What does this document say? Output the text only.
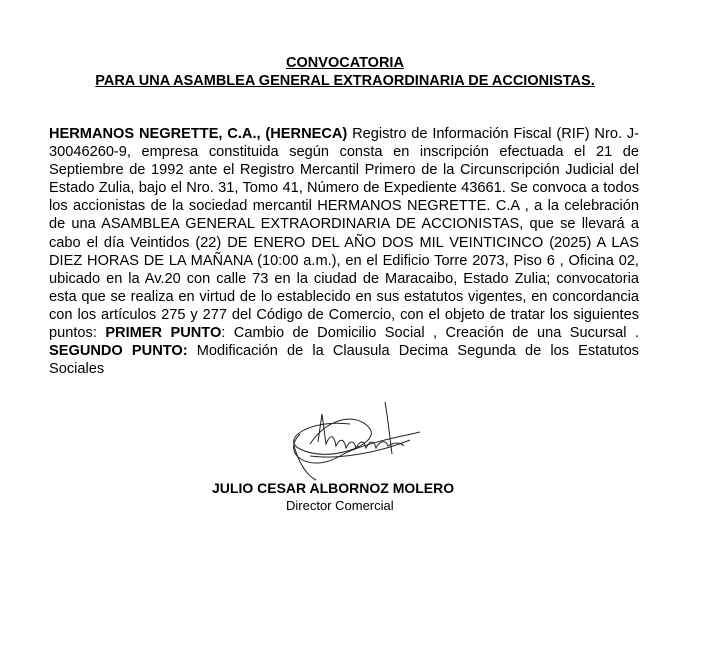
CONVOCATORIA
PARA UNA ASAMBLEA GENERAL EXTRAORDINARIA DE ACCIONISTAS.
HERMANOS NEGRETTE, C.A., (HERNECA) Registro de Información Fiscal (RIF) Nro. J-30046260-9, empresa constituida según consta en inscripción efectuada el 21 de Septiembre de 1992 ante el Registro Mercantil Primero de la Circunscripción Judicial del Estado Zulia, bajo el Nro. 31, Tomo 41, Número de Expediente 43661. Se convoca a todos los accionistas de la sociedad mercantil HERMANOS NEGRETTE. C.A , a la celebración de una ASAMBLEA GENERAL EXTRAORDINARIA DE ACCIONISTAS, que se llevará a cabo el día Veintidos (22) DE ENERO DEL AÑO DOS MIL VEINTICINCO (2025) A LAS DIEZ HORAS DE LA MAÑANA (10:00 a.m.), en el Edificio Torre 2073, Piso 6 , Oficina 02, ubicado en la Av.20 con calle 73 en la ciudad de Maracaibo, Estado Zulia; convocatoria esta que se realiza en virtud de lo establecido en sus estatutos vigentes, en concordancia con los artículos 275 y 277 del Código de Comercio, con el objeto de tratar los siguientes puntos: PRIMER PUNTO: Cambio de Domicilio Social , Creación de una Sucursal . SEGUNDO PUNTO: Modificación de la Clausula Decima Segunda de los Estatutos Sociales
JULIO CESAR ALBORNOZ MOLERO
Director Comercial
